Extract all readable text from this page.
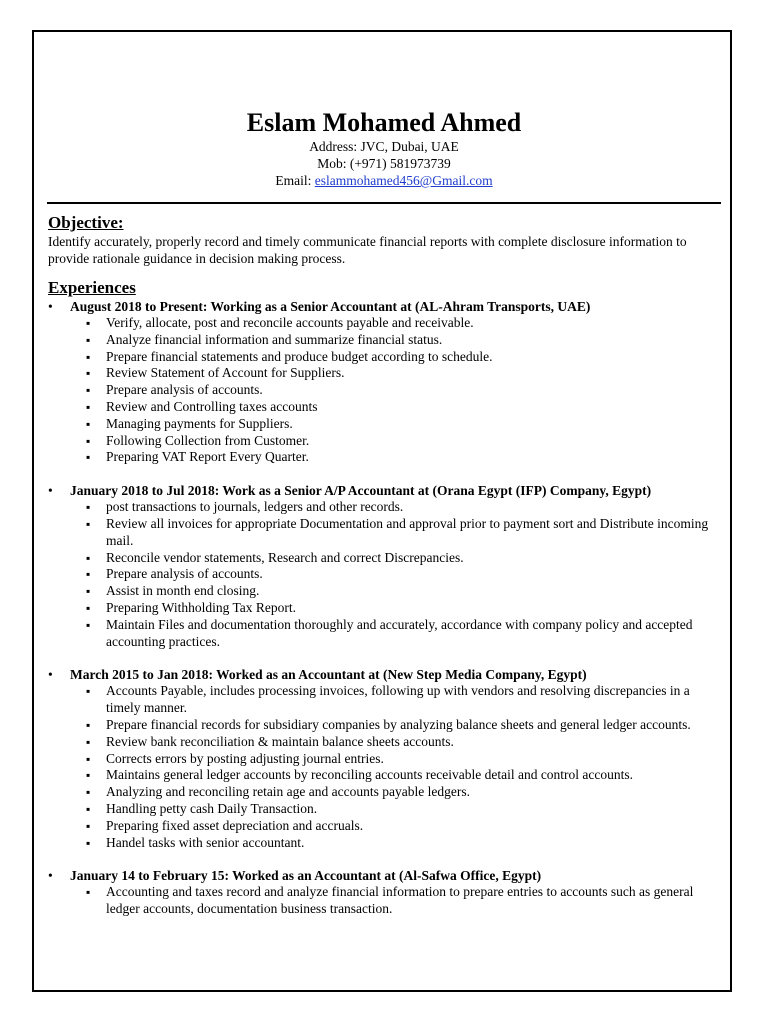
Eslam Mohamed Ahmed
Address: JVC, Dubai, UAE
Mob: (+971) 581973739
Email: eslammohamed456@Gmail.com
Objective:

Identify accurately, properly record and timely communicate financial reports with complete disclosure information to provide rationale guidance in decision making process.

Experiences
• August 2018 to Present: Working as a Senior Accountant at (AL-Ahram Transports, UAE)
▪ Verify, allocate, post and reconcile accounts payable and receivable.
▪ Analyze financial information and summarize financial status.
▪ Prepare financial statements and produce budget according to schedule.
▪ Review Statement of Account for Suppliers.
▪ Prepare analysis of accounts.
▪ Review and Controlling taxes accounts
▪ Managing payments for Suppliers.
▪ Following Collection from Customer.
▪ Preparing VAT Report Every Quarter.
• January 2018 to Jul 2018: Work as a Senior A/P Accountant at (Orana Egypt (IFP) Company, Egypt)
▪ post transactions to journals, ledgers and other records.
▪ Review all invoices for appropriate Documentation and approval prior to payment sort and Distribute incoming mail.
▪ Reconcile vendor statements, Research and correct Discrepancies.
▪ Prepare analysis of accounts.
▪ Assist in month end closing.
▪ Preparing Withholding Tax Report.
▪ Maintain Files and documentation thoroughly and accurately, accordance with company policy and accepted accounting practices.
• March 2015 to Jan 2018: Worked as an Accountant at (New Step Media Company, Egypt)
▪ Accounts Payable, includes processing invoices, following up with vendors and resolving discrepancies in a timely manner.
▪ Prepare financial records for subsidiary companies by analyzing balance sheets and general ledger accounts.
▪ Review bank reconciliation & maintain balance sheets accounts.
▪ Corrects errors by posting adjusting journal entries.
▪ Maintains general ledger accounts by reconciling accounts receivable detail and control accounts.
▪ Analyzing and reconciling retain age and accounts payable ledgers.
▪ Handling petty cash Daily Transaction.
▪ Preparing fixed asset depreciation and accruals.
▪ Handel tasks with senior accountant.
• January 14 to February 15: Worked as an Accountant at (Al-Safwa Office, Egypt)
▪ Accounting and taxes record and analyze financial information to prepare entries to accounts such as general ledger accounts, documentation business transaction.
